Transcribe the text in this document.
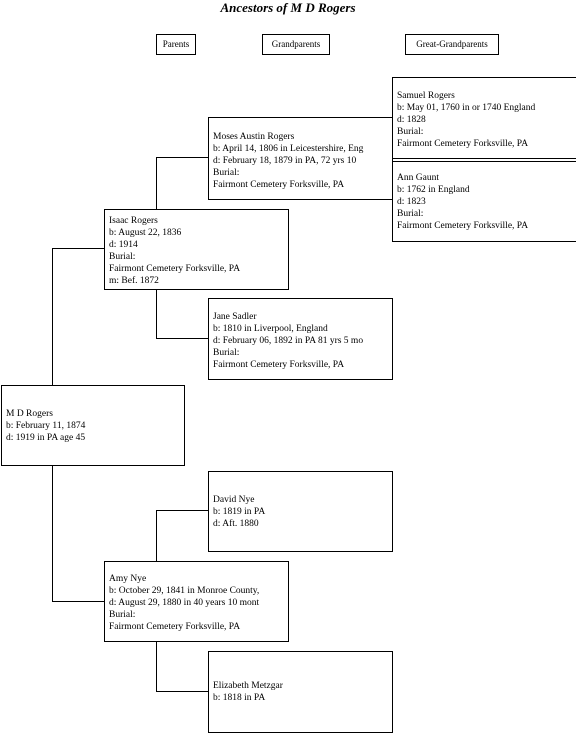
Ancestors of M D Rogers
Parents	Grandparents	Great-Grandparents
M D Rogers
b: February 11, 1874
d: 1919 in PA age 45
Isaac Rogers
b: August 22, 1836
d: 1914
Burial:
Fairmont Cemetery Forksville, PA
m: Bef. 1872
Amy Nye
b: October 29, 1841 in Monroe County,
d: August 29, 1880 in 40 years 10 mont
Burial:
Fairmont Cemetery Forksville, PA
Moses Austin Rogers
b: April 14, 1806 in Leicestershire, Eng
d: February 18, 1879 in PA, 72 yrs 10
Burial:
Fairmont Cemetery Forksville, PA
Jane Sadler
b: 1810 in Liverpool, England
d: February 06, 1892 in PA 81 yrs 5 mo
Burial:
Fairmont Cemetery Forksville, PA
David Nye
b: 1819 in PA
d: Aft. 1880
Elizabeth Metzgar
b: 1818 in PA
Samuel Rogers
b: May 01, 1760 in or 1740 England
d: 1828
Burial:
Fairmont Cemetery Forksville, PA
Ann Gaunt
b: 1762 in England
d: 1823
Burial:
Fairmont Cemetery Forksville, PA
